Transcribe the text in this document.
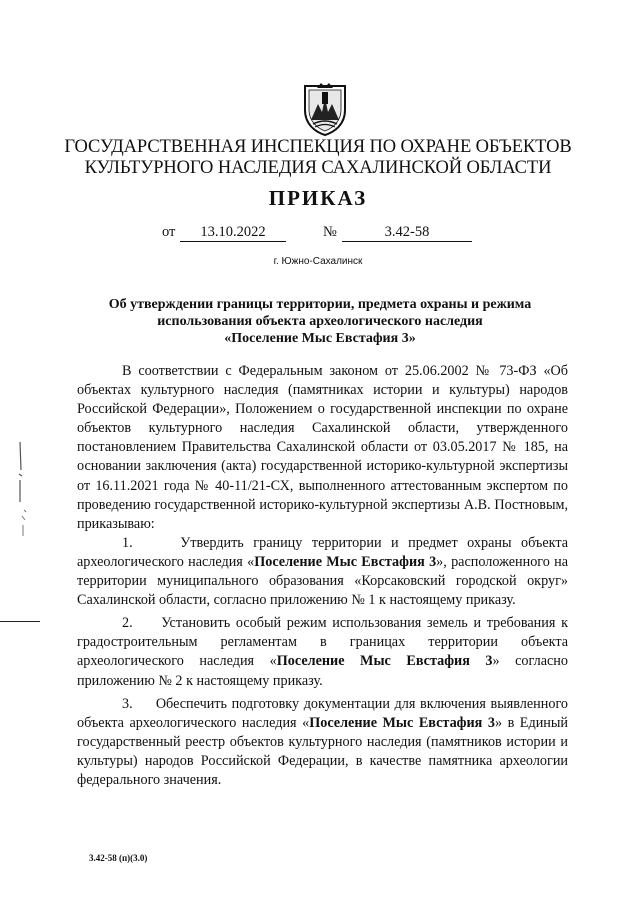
ГОСУДАРСТВЕННАЯ ИНСПЕКЦИЯ ПО ОХРАНЕ ОБЪЕКТОВ
КУЛЬТУРНОГО НАСЛЕДИЯ САХАЛИНСКОЙ ОБЛАСТИ
ПРИКАЗ
от	13.10.2022	№	3.42-58
г. Южно-Сахалинск
Об утверждении границы территории, предмета охраны и режима
использования объекта археологического наследия
«Поселение Мыс Евстафия 3»

В соответствии с Федеральным законом от 25.06.2002 № 73-ФЗ «Об объектах культурного наследия (памятниках истории и культуры) народов Российской Федерации», Положением о государственной инспекции по охране объектов культурного наследия Сахалинской области, утвержденного постановлением Правительства Сахалинской области от 03.05.2017 № 185, на основании заключения (акта) государственной историко-культурной экспертизы от 16.11.2021 года № 40-11/21-СХ, выполненного аттестованным экспертом по проведению государственной историко-культурной экспертизы А.В. Постновым, приказываю:

1.	Утвердить границу территории и предмет охраны объекта археологического наследия «Поселение Мыс Евстафия 3», расположенного на территории муниципального образования «Корсаковский городской округ» Сахалинской области, согласно приложению № 1 к настоящему приказу.

2. Установить особый режим использования земель и требования к градостроительным регламентам в границах территории объекта археологического наследия «Поселение Мыс Евстафия 3» согласно приложению № 2 к настоящему приказу.

3. Обеспечить подготовку документации для включения выявленного объекта археологического наследия «Поселение Мыс Евстафия 3» в Единый государственный реестр объектов культурного наследия (памятников истории и культуры) народов Российской Федерации, в качестве памятника археологии федерального значения.

3.42-58 (п)(3.0)
